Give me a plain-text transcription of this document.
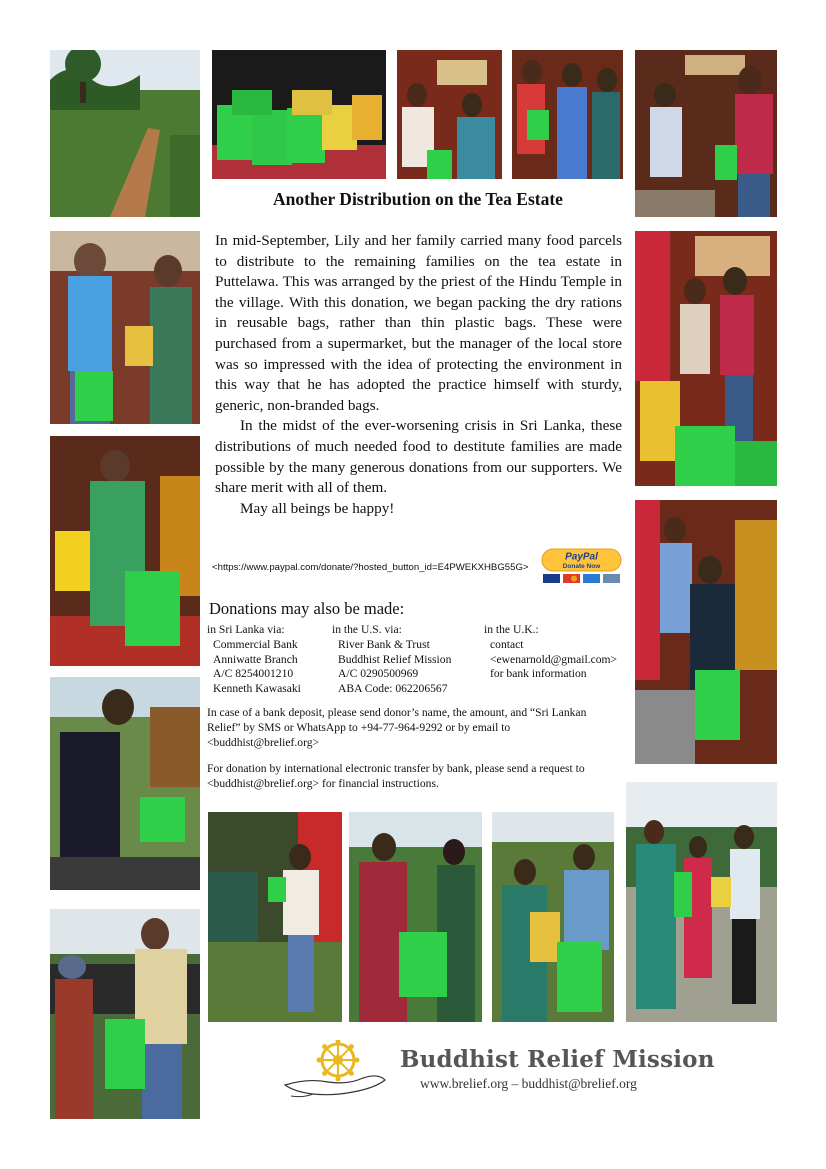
Another Distribution on the Tea Estate

In mid-September, Lily and her family carried many food parcels to distribute to the remaining families on the tea estate in Puttelawa. This was arranged by the priest of the Hindu Temple in the village. With this donation, we began packing the dry rations in reusable bags, rather than thin plastic bags. These were purchased from a supermarket, but the manager of the local store was so impressed with the idea of protecting the environment in this way that he has adopted the practice himself with sturdy, generic, non-branded bags.

In the midst of the ever-worsening crisis in Sri Lanka, these distributions of much needed food to destitute families are made possible by the many generous donations from our supporters. We share merit with all of them.

May all beings be happy!

<https://www.paypal.com/donate/?hosted_button_id=E4PWEKXHBG55G>
PayPal
Donate Now
Donations may also be made:
in Sri Lanka via:
Commercial Bank
Anniwatte Branch
A/C 8254001210
Kenneth Kawasaki
in the U.S. via:
River Bank & Trust
Buddhist Relief Mission
A/C 0290500969
ABA Code: 062206567
in the U.K.:
contact
<ewenarnold@gmail.com>
for bank information
In case of a bank deposit, please send donor’s name, the amount, and “Sri Lankan Relief” by SMS or WhatsApp to +94-77-964-9292 or by email to <buddhist@brelief.org>
For donation by international electronic transfer by bank, please send a request to <buddhist@brelief.org> for financial instructions.
Buddhist Relief Mission
www.brelief.org – buddhist@brelief.org
